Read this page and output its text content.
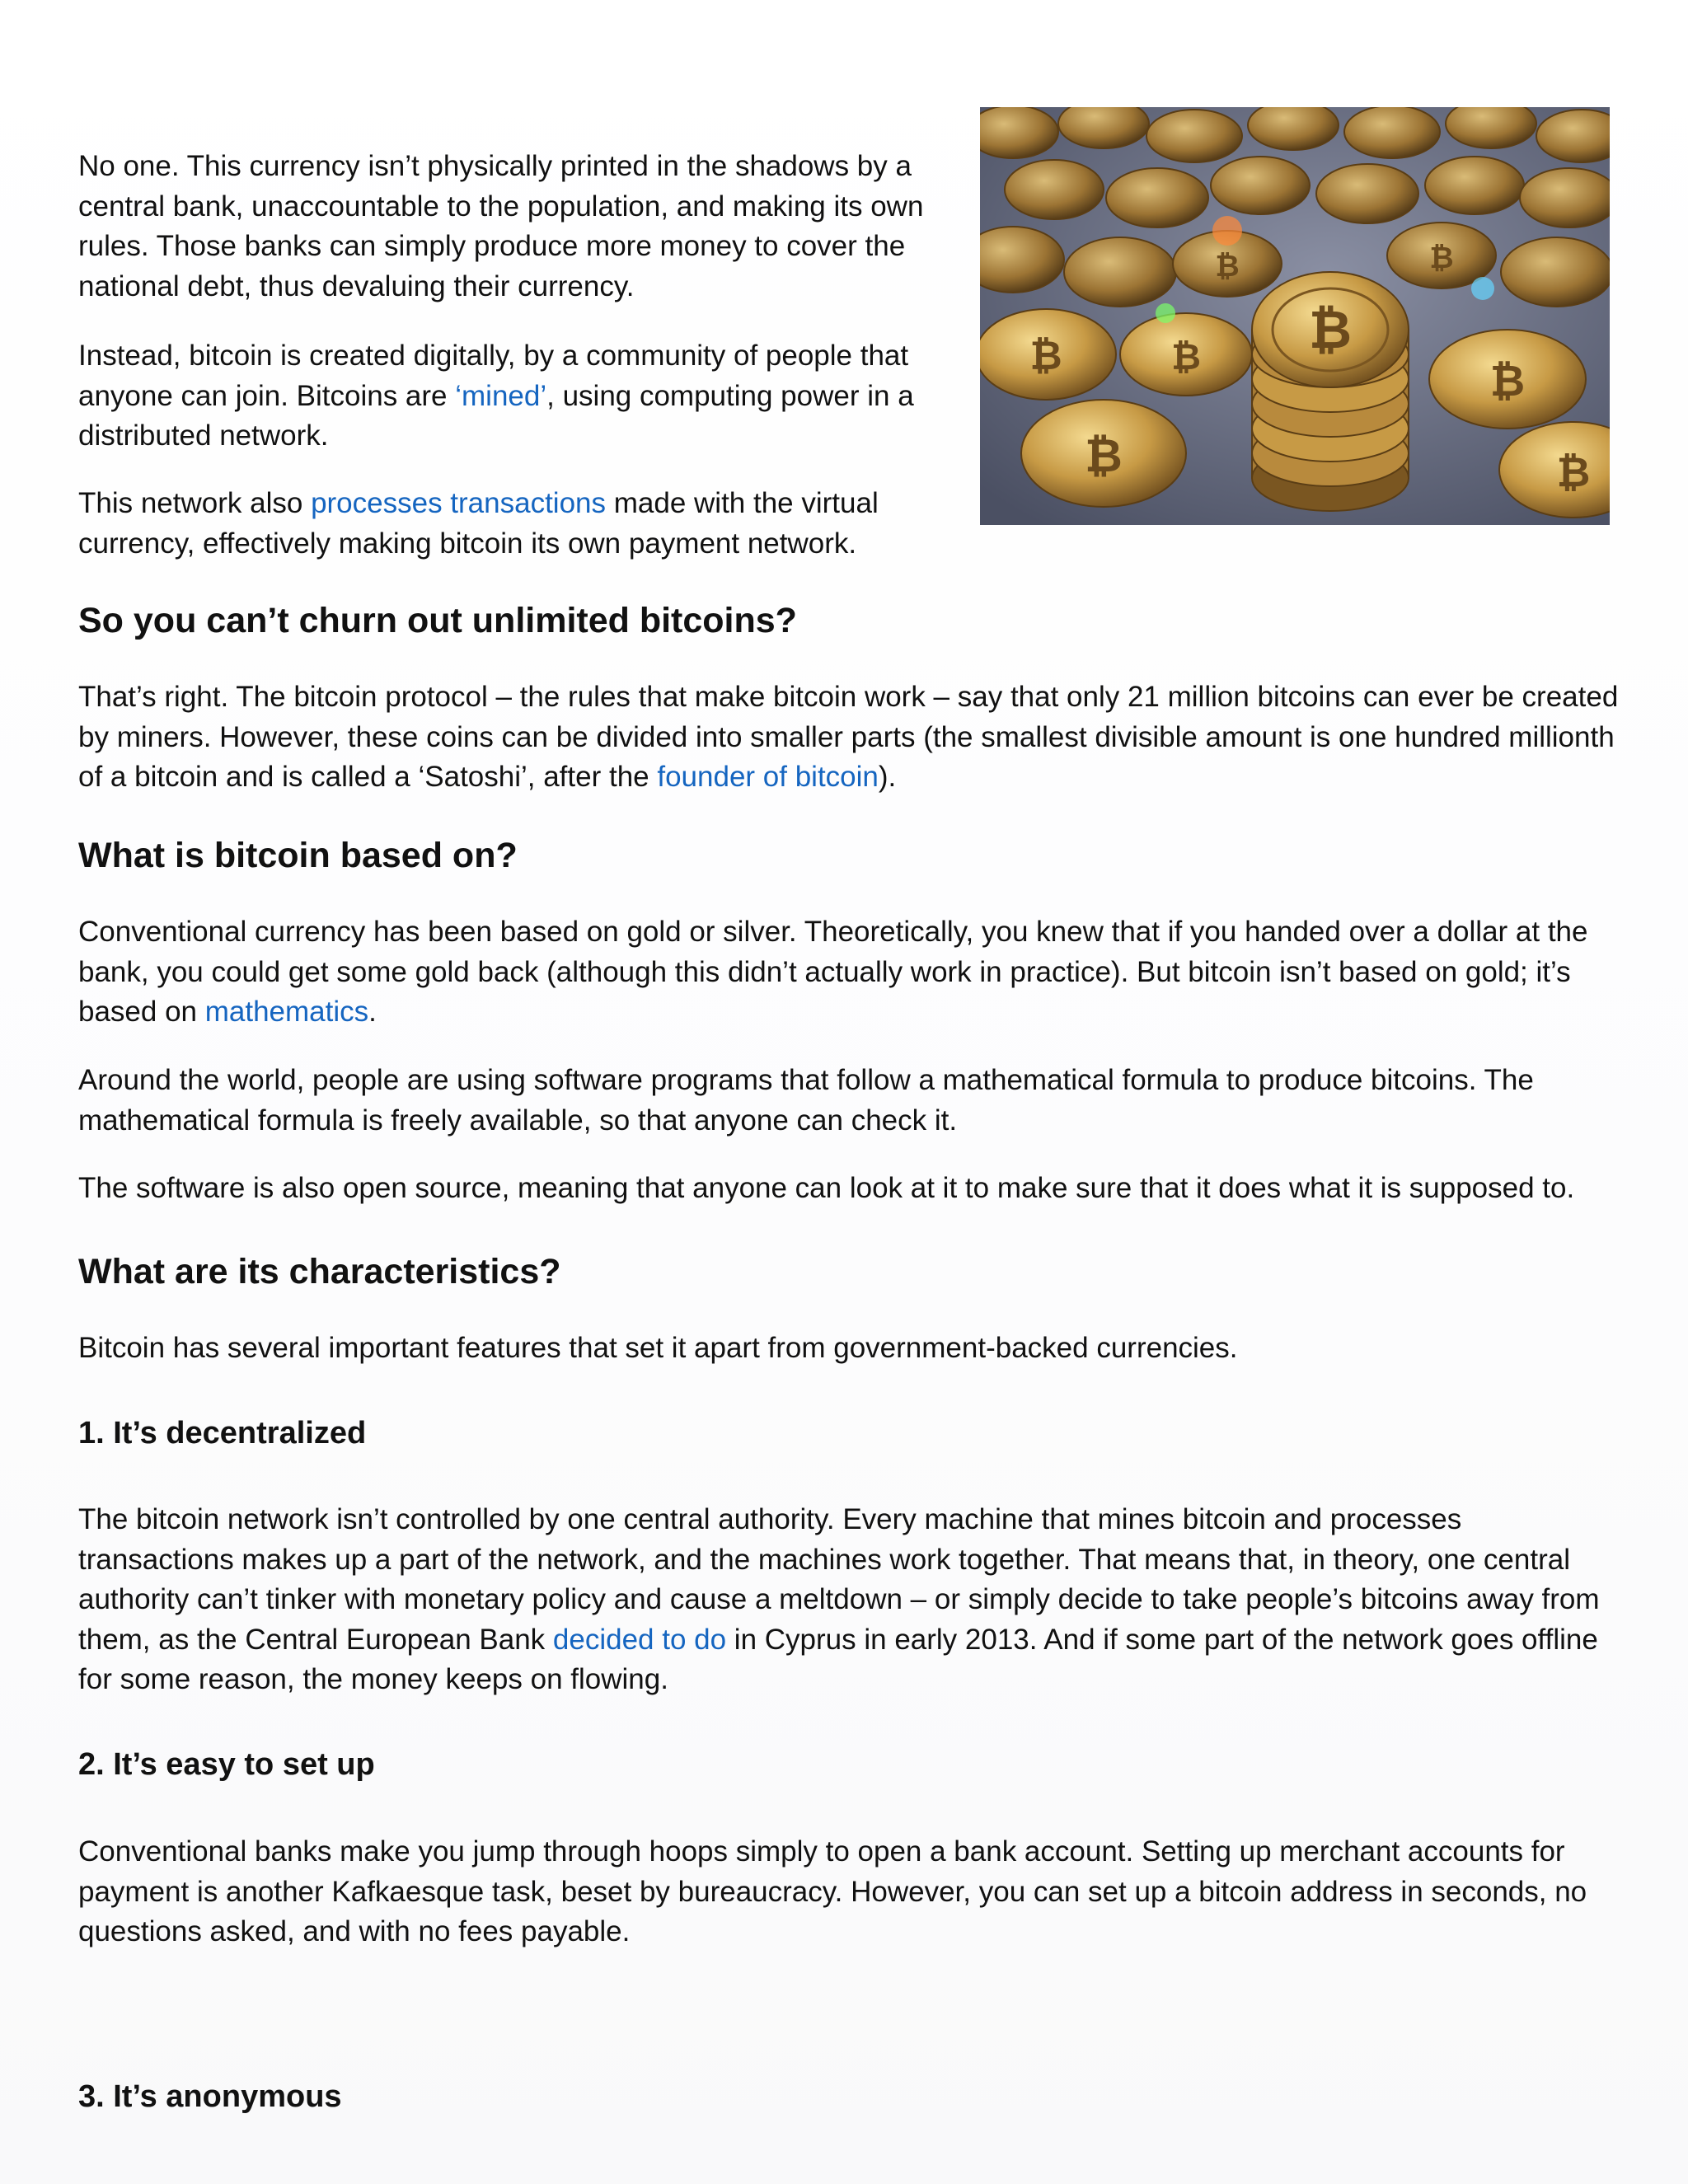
₿
₿	₿
₿
₿
₿
₿	₿

No one. This currency isn’t physically printed in the shadows by a central bank, unaccountable to the population, and making its own rules. Those banks can simply produce more money to cover the national debt, thus devaluing their currency.

Instead, bitcoin is created digitally, by a community of people that anyone can join. Bitcoins are ‘mined’, using computing power in a distributed network.

This network also processes transactions made with the virtual currency, effectively making bitcoin its own payment network.

So you can’t churn out unlimited bitcoins?

That’s right. The bitcoin protocol – the rules that make bitcoin work – say that only 21 million bitcoins can ever be created by miners. However, these coins can be divided into smaller parts (the smallest divisible amount is one hundred millionth of a bitcoin and is called a ‘Satoshi’, after the founder of bitcoin).

What is bitcoin based on?

Conventional currency has been based on gold or silver. Theoretically, you knew that if you handed over a dollar at the bank, you could get some gold back (although this didn’t actually work in practice). But bitcoin isn’t based on gold; it’s based on mathematics.

Around the world, people are using software programs that follow a mathematical formula to produce bitcoins. The mathematical formula is freely available, so that anyone can check it.

The software is also open source, meaning that anyone can look at it to make sure that it does what it is supposed to.

What are its characteristics?

Bitcoin has several important features that set it apart from government-backed currencies.

1. It’s decentralized

The bitcoin network isn’t controlled by one central authority. Every machine that mines bitcoin and processes transactions makes up a part of the network, and the machines work together. That means that, in theory, one central authority can’t tinker with monetary policy and cause a meltdown – or simply decide to take people’s bitcoins away from them, as the Central European Bank decided to do in Cyprus in early 2013. And if some part of the network goes offline for some reason, the money keeps on flowing.

2. It’s easy to set up

Conventional banks make you jump through hoops simply to open a bank account. Setting up merchant accounts for payment is another Kafkaesque task, beset by bureaucracy. However, you can set up a bitcoin address in seconds, no questions asked, and with no fees payable.

3. It’s anonymous
